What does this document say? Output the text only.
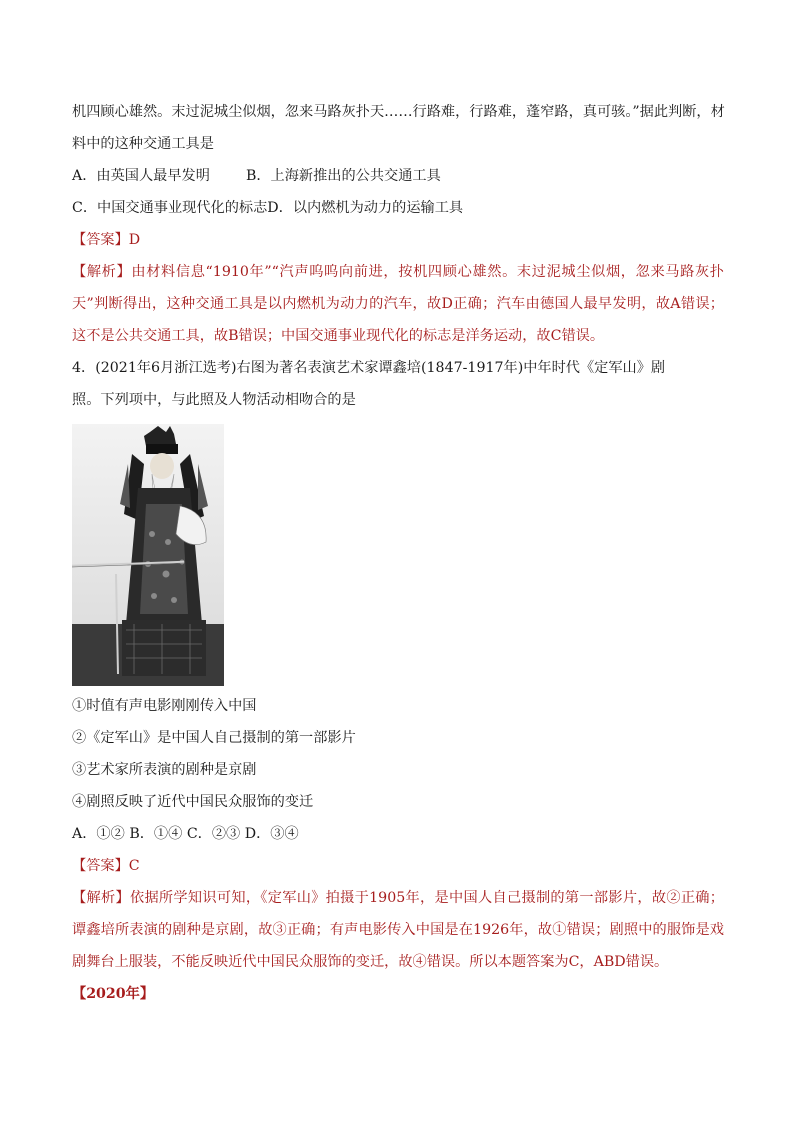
机四顾心雄然。末过泥城尘似烟，忽来马路灰扑天……行路难，行路难，蓬窄路，真可骇。”据此判断，材
料中的这种交通工具是
A．由英国人最早发明	B．上海新推出的公共交通工具
C．中国交通事业现代化的标志D．以内燃机为动力的运输工具
【答案】D
【解析】由材料信息“1910年”“汽声呜呜向前进，按机四顾心雄然。末过泥城尘似烟，忽来马路灰扑天”判断得出，这种交通工具是以内燃机为动力的汽车，故D正确；汽车由德国人最早发明，故A错误；这不是公共交通工具，故B错误；中国交通事业现代化的标志是洋务运动，故C错误。
4．(2021年6月浙江选考)右图为著名表演艺术家谭鑫培(1847-1917年)中年时代《定军山》剧
照。下列项中，与此照及人物活动相吻合的是
①时值有声电影刚刚传入中国
②《定军山》是中国人自己摄制的第一部影片
③艺术家所表演的剧种是京剧
④剧照反映了近代中国民众服饰的变迁
A．①② B．①④ C．②③ D．③④
【答案】C
【解析】依据所学知识可知，《定军山》拍摄于1905年，是中国人自己摄制的第一部影片，故②正确；谭鑫培所表演的剧种是京剧，故③正确；有声电影传入中国是在1926年，故①错误；剧照中的服饰是戏剧舞台上服装，不能反映近代中国民众服饰的变迁，故④错误。所以本题答案为C，ABD错误。
【2020年】
